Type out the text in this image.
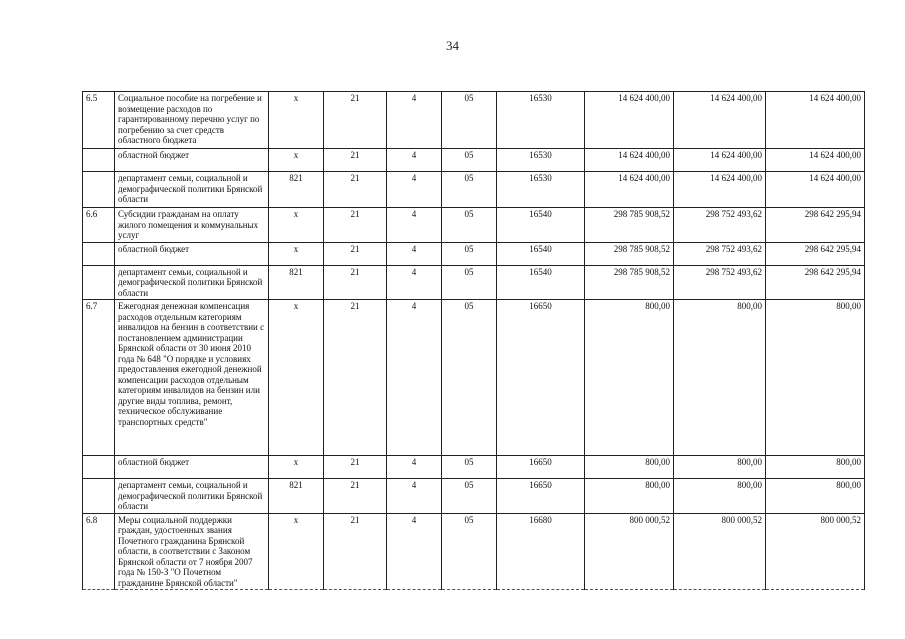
34
6.5	Социальное пособие на погребение и возмещение расходов по гарантированному перечню услуг по погребению за счет средств областного бюджета	х	21	4	05	16530	14 624 400,00	14 624 400,00	14 624 400,00
	областной бюджет	х	21	4	05	16530	14 624 400,00	14 624 400,00	14 624 400,00
	департамент семьи, социальной и демографической политики Брянской области	821	21	4	05	16530	14 624 400,00	14 624 400,00	14 624 400,00
6.6	Субсидии гражданам на оплату жилого помещения и коммунальных услуг	х	21	4	05	16540	298 785 908,52	298 752 493,62	298 642 295,94
	областной бюджет	х	21	4	05	16540	298 785 908,52	298 752 493,62	298 642 295,94
	департамент семьи, социальной и демографической политики Брянской области	821	21	4	05	16540	298 785 908,52	298 752 493,62	298 642 295,94
6.7	Ежегодная денежная компенсация расходов отдельным категориям инвалидов на бензин в соответствии с постановлением администрации Брянской области от 30 июня 2010 года № 648 "О порядке и условиях предоставления ежегодной денежной компенсации расходов отдельным категориям инвалидов на бензин или другие виды топлива, ремонт, техническое обслуживание транспортных средств"	х	21	4	05	16650	800,00	800,00	800,00
	областной бюджет	х	21	4	05	16650	800,00	800,00	800,00
	департамент семьи, социальной и демографической политики Брянской области	821	21	4	05	16650	800,00	800,00	800,00
6.8	Меры социальной поддержки граждан, удостоенных звания Почетного гражданина Брянской области, в соответствии с Законом Брянской области от 7 ноября 2007 года № 150-З "О Почетном гражданине Брянской области"	х	21	4	05	16680	800 000,52	800 000,52	800 000,52
